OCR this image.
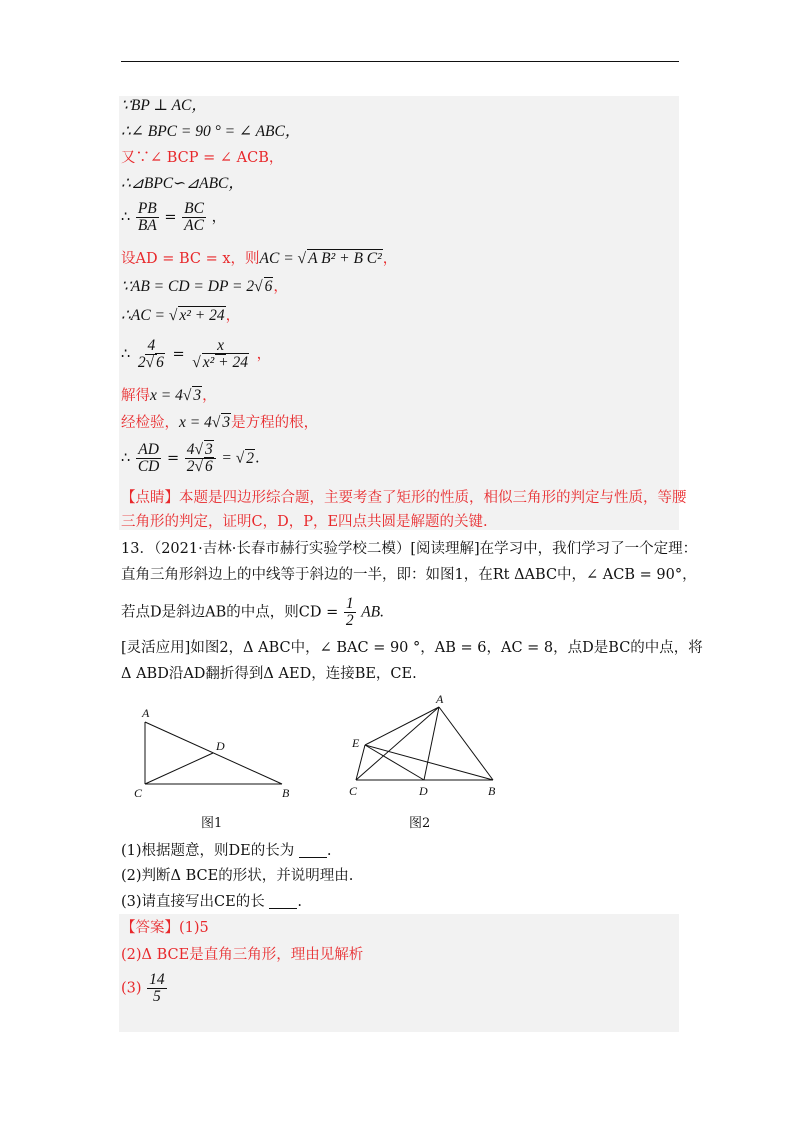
∵BP ⊥ AC，
∴∠ BPC = 90 ° = ∠ ABC，
又∵∠ BCP = ∠ ACB，
∴⊿BPC∽⊿ABC，
∴ $\frac{PB}{BA} = \frac{BC}{AC}$ ，
设AD = BC = x，则AC = √ A B² + B C²，
∵AB = CD = DP = 2√ 6，
∴AC = √ x² + 24，
∴ $\frac{4}{2√ 6} = \frac{x}{\text{√ x² + 24}}$ ，
解得x = 4√ 3，
经检验，x = 4√ 3是方程的根，
∴ $\frac{AD}{CD} = \frac{4√ 3}{2√ 6}$ = √ 2.
【点睛】本题是四边形综合题，主要考查了矩形的性质，相似三角形的判定与性质，等腰
三角形的判定，证明C，D，P，E四点共圆是解题的关键.
13．（2021·吉林·长春市赫行实验学校二模）[阅读理解]在学习中，我们学习了一个定理：
直角三角形斜边上的中线等于斜边的一半，即：如图1，在Rt ΔABC中，∠ ACB = 90°，
若点D是斜边AB的中点，则CD = $\frac{1}{2}$ AB.
[灵活应用]如图2，Δ ABC中，∠ BAC = 90 °，AB = 6，AC = 8，点D是BC的中点，将
Δ ABD沿AD翻折得到Δ AED，连接BE，CE.
A
C	B
D
图1
A
E
C	D	B
图2
(1)根据题意，则DE的长为 .
(2)判断Δ BCE的形状，并说明理由.
(3)请直接写出CE的长 .
【答案】(1)5
(2)Δ BCE是直角三角形，理由见解析
$(3) \frac{14}{5}$
